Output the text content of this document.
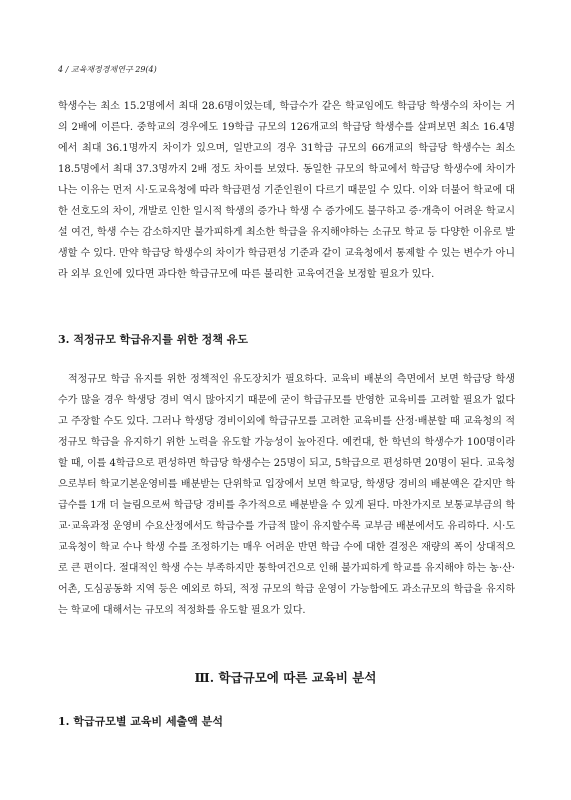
4 / 교육재정경제연구 29(4)

학생수는 최소 15.2명에서 최대 28.6명이었는데, 학급수가 같은 학교임에도 학급당 학생수의 차이는 거의 2배에 이른다. 중학교의 경우에도 19학급 규모의 126개교의 학급당 학생수를 살펴보면 최소 16.4명에서 최대 36.1명까지 차이가 있으며, 일반고의 경우 31학급 규모의 66개교의 학급당 학생수는 최소 18.5명에서 최대 37.3명까지 2배 정도 차이를 보였다. 동일한 규모의 학교에서 학급당 학생수에 차이가 나는 이유는 먼저 시·도교육청에 따라 학급편성 기준인원이 다르기 때문일 수 있다. 이와 더불어 학교에 대한 선호도의 차이, 개발로 인한 일시적 학생의 증가나 학생 수 증가에도 불구하고 증·개축이 어려운 학교시설 여건, 학생 수는 감소하지만 불가피하게 최소한 학급을 유지해야하는 소규모 학교 등 다양한 이유로 발생할 수 있다. 만약 학급당 학생수의 차이가 학급편성 기준과 같이 교육청에서 통제할 수 있는 변수가 아니라 외부 요인에 있다면 과다한 학급규모에 따른 불리한 교육여건을 보정할 필요가 있다.

3. 적정규모 학급유지를 위한 정책 유도

적정규모 학급 유지를 위한 정책적인 유도장치가 필요하다. 교육비 배분의 측면에서 보면 학급당 학생수가 많을 경우 학생당 경비 역시 많아지기 때문에 굳이 학급규모를 반영한 교육비를 고려할 필요가 없다고 주장할 수도 있다. 그러나 학생당 경비이외에 학급규모를 고려한 교육비를 산정·배분할 때 교육청의 적정규모 학급을 유지하기 위한 노력을 유도할 가능성이 높아진다. 예컨대, 한 학년의 학생수가 100명이라 할 때, 이를 4학급으로 편성하면 학급당 학생수는 25명이 되고, 5학급으로 편성하면 20명이 된다. 교육청으로부터 학교기본운영비를 배분받는 단위학교 입장에서 보면 학교당, 학생당 경비의 배분액은 같지만 학급수를 1개 더 늘림으로써 학급당 경비를 추가적으로 배분받을 수 있게 된다. 마찬가지로 보통교부금의 학교·교육과정 운영비 수요산정에서도 학급수를 가급적 많이 유지할수록 교부금 배분에서도 유리하다. 시·도교육청이 학교 수나 학생 수를 조정하기는 매우 어려운 반면 학급 수에 대한 결정은 재량의 폭이 상대적으로 큰 편이다. 절대적인 학생 수는 부족하지만 통학여건으로 인해 불가피하게 학교를 유지해야 하는 농·산·어촌, 도심공동화 지역 등은 예외로 하되, 적정 규모의 학급 운영이 가능함에도 과소규모의 학급을 유지하는 학교에 대해서는 규모의 적정화를 유도할 필요가 있다.

Ⅲ. 학급규모에 따른 교육비 분석
1. 학급규모별 교육비 세출액 분석
